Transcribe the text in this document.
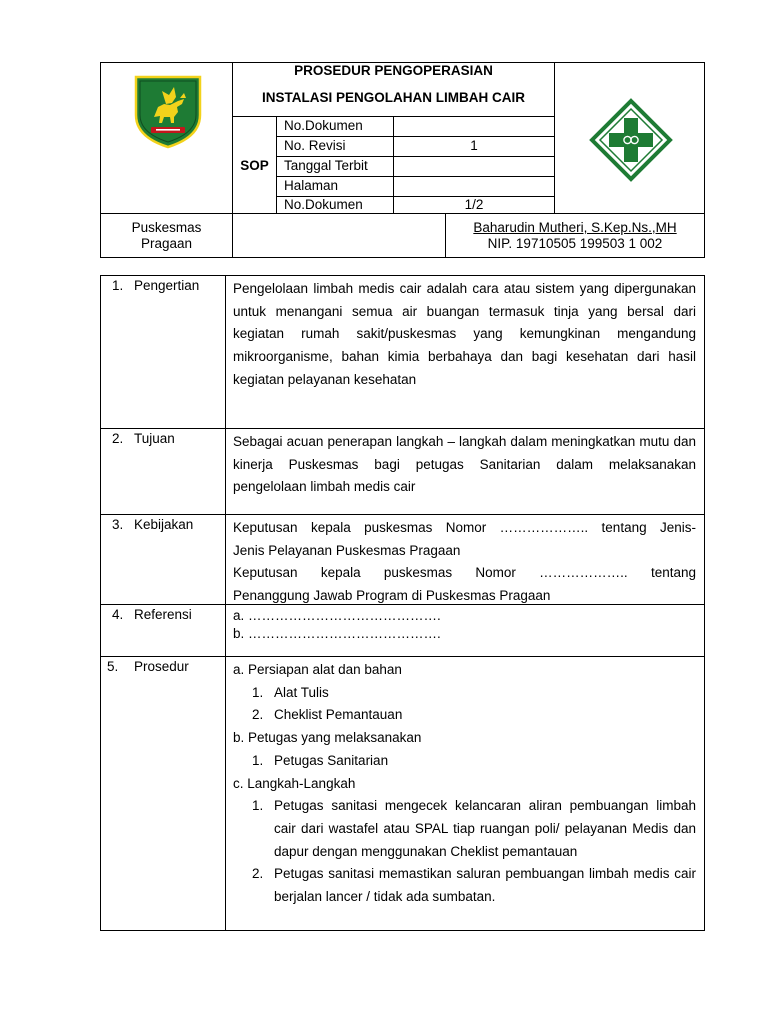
PROSEDUR PENGOPERASIAN
INSTALASI PENGOLAHAN LIMBAH CAIR
SOP
No.Dokumen
No. Revisi	1
Tanggal Terbit
Halaman
No.Dokumen	1/2
Puskesmas
Pragaan
Baharudin Mutheri, S.Kep.Ns.,MH
NIP. 19710505 199503 1 002
1. Pengertian	Pengelolaan limbah medis cair adalah cara atau sistem yang dipergunakan untuk menangani semua air buangan termasuk tinja yang bersal dari kegiatan rumah sakit/puskesmas yang kemungkinan mengandung mikroorganisme, bahan kimia berbahaya dan bagi kesehatan dari hasil kegiatan pelayanan kesehatan
2. Tujuan	Sebagai acuan penerapan langkah – langkah dalam meningkatkan mutu dan kinerja Puskesmas bagi petugas Sanitarian dalam melaksanakan pengelolaan limbah medis cair
3. Kebijakan	Keputusan kepala puskesmas Nomor ……………….. tentang Jenis-
Jenis Pelayanan Puskesmas Pragaan
Keputusan kepala puskesmas Nomor ……………….. tentang
Penanggung Jawab Program di Puskesmas Pragaan
4. Referensi	a. …………………………………….
b. …………………………………….
5. Prosedur	a. Persiapan alat dan bahan
1. Alat Tulis
2. Cheklist Pemantauan
b. Petugas yang melaksanakan
1. Petugas Sanitarian
c. Langkah-Langkah
1. Petugas sanitasi mengecek kelancaran aliran pembuangan limbah cair dari wastafel atau SPAL tiap ruangan poli/ pelayanan Medis dan dapur dengan menggunakan Cheklist pemantauan
2. Petugas sanitasi memastikan saluran pembuangan limbah medis cair berjalan lancer / tidak ada sumbatan.
